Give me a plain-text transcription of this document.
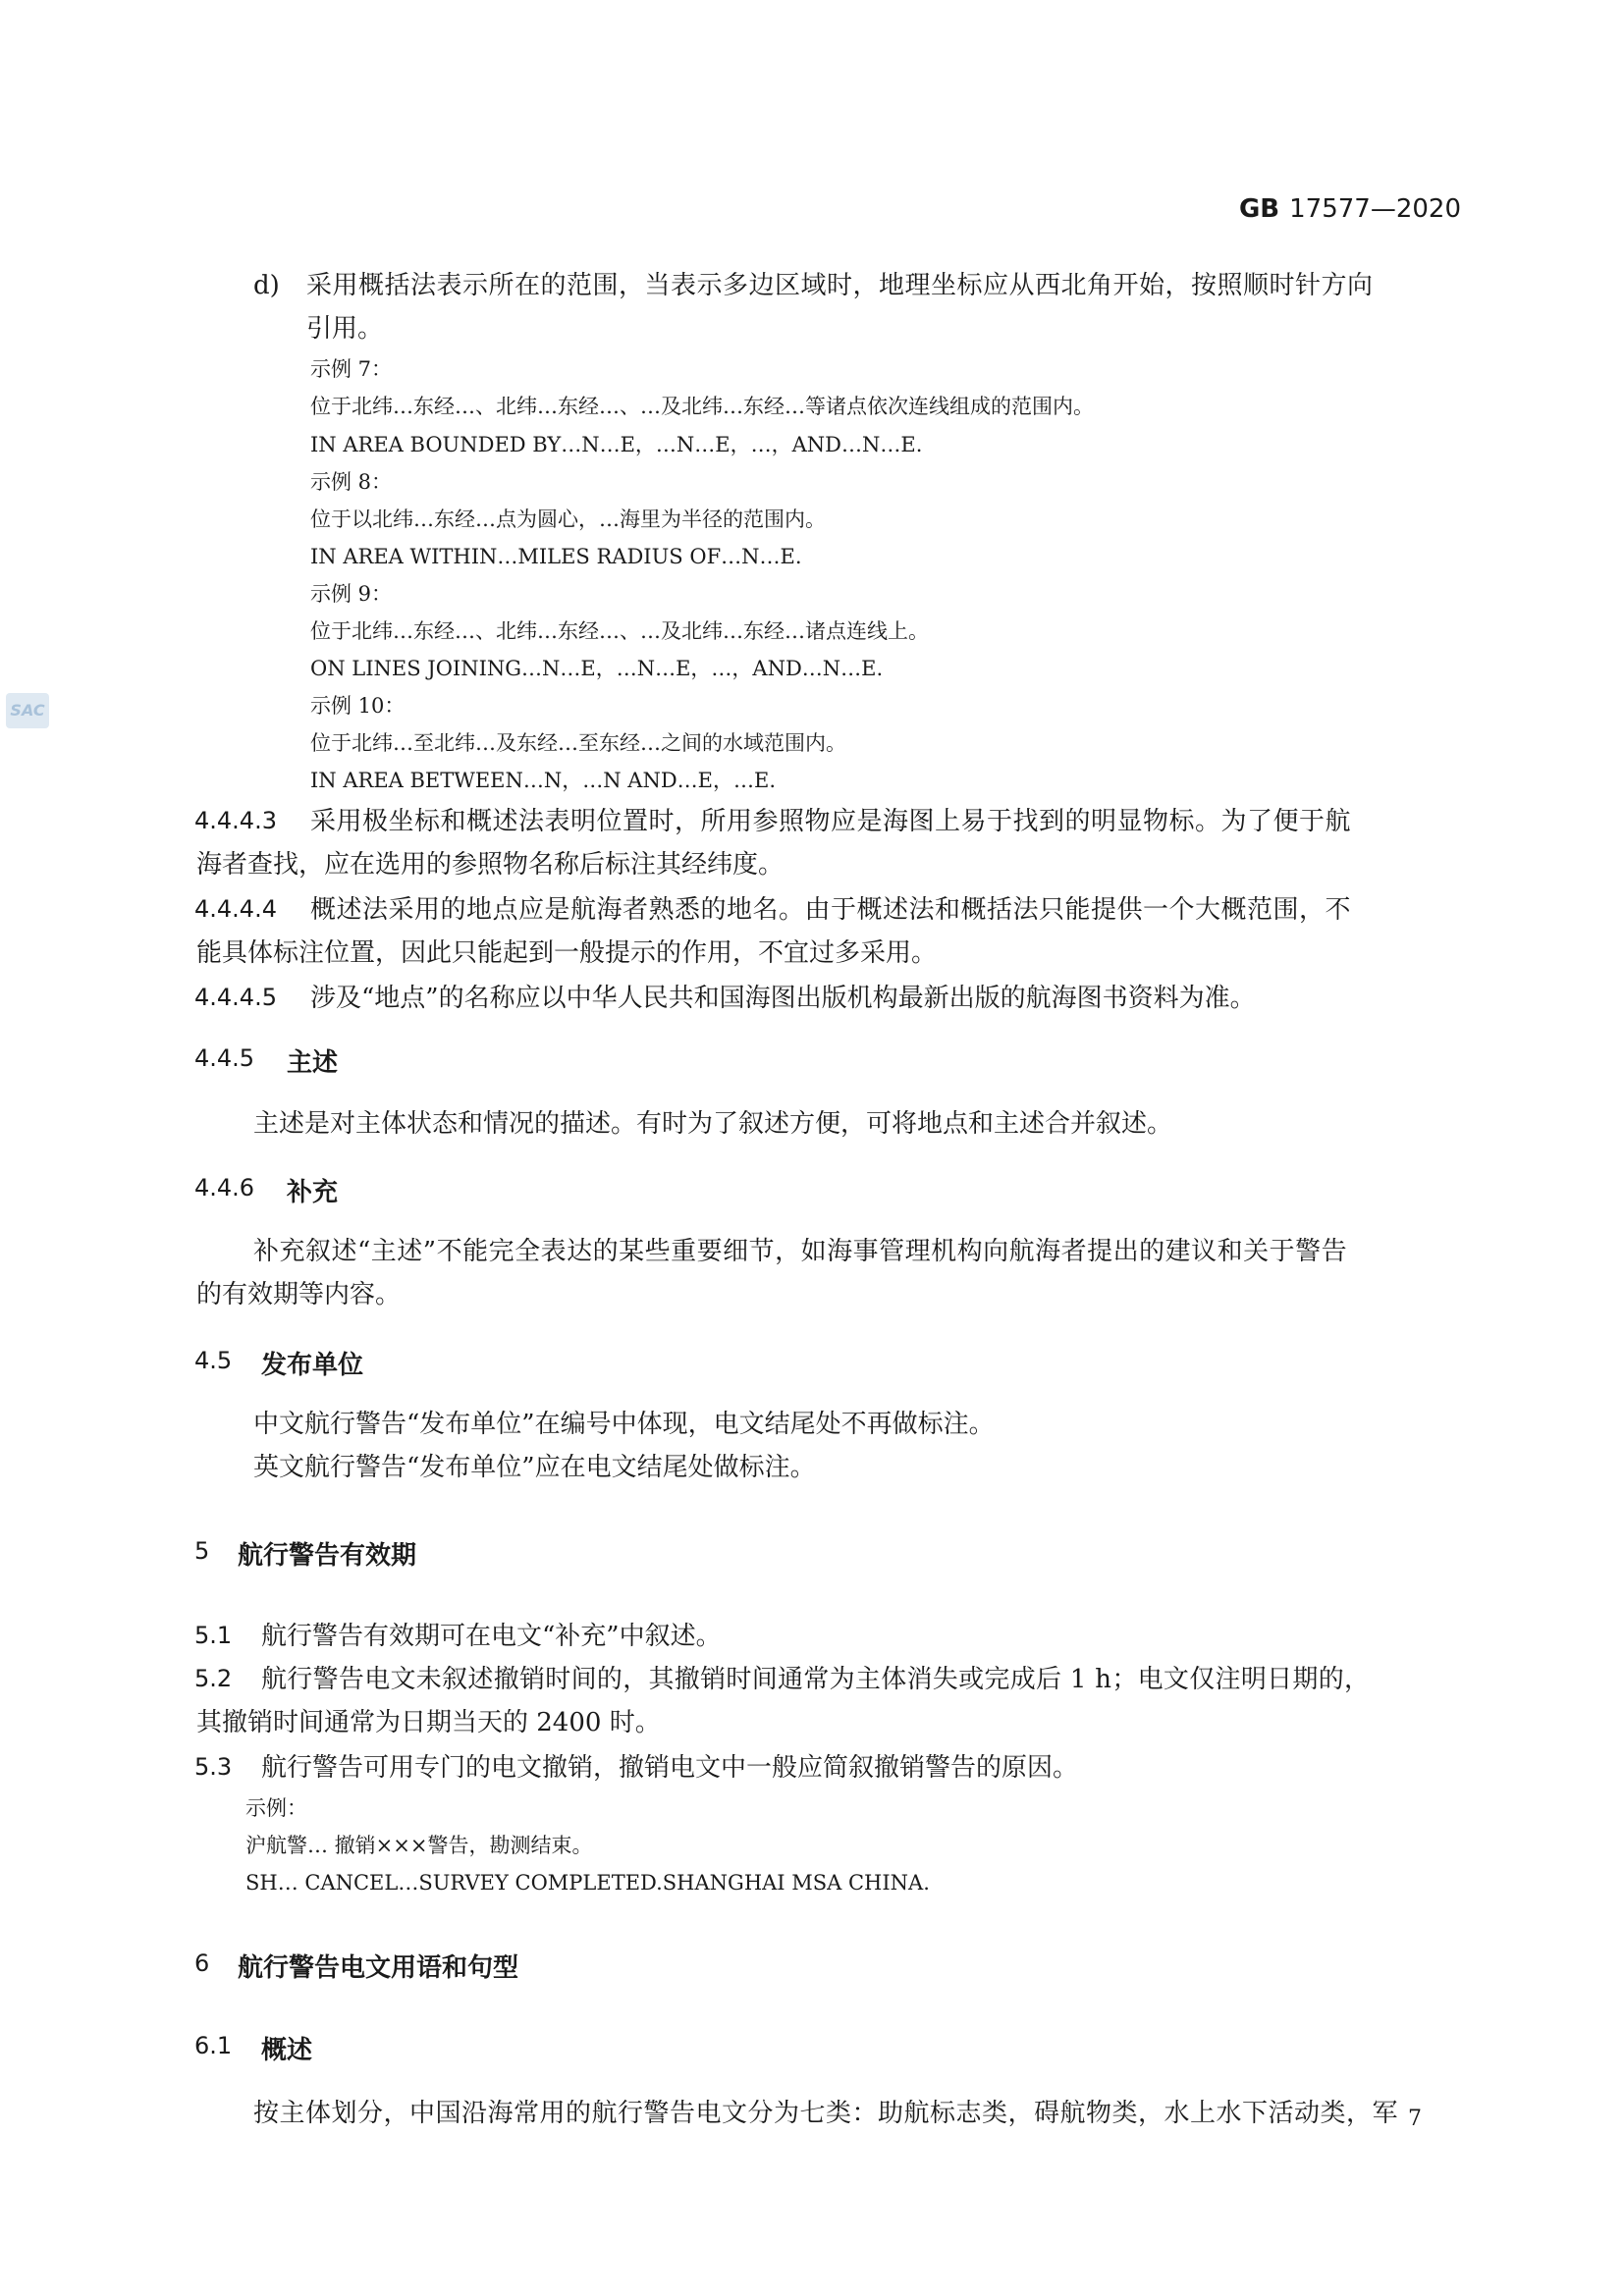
GB 17577—2020
SAC
d) 采用概括法表示所在的范围，当表示多边区域时，地理坐标应从西北角开始，按照顺时针方向
引用。
示例 7：
位于北纬…东经…、北纬…东经…、…及北纬…东经…等诸点依次连线组成的范围内。
IN AREA BOUNDED BY…N…E，…N…E，…，AND…N…E.
示例 8：
位于以北纬…东经…点为圆心，…海里为半径的范围内。
IN AREA WITHIN…MILES RADIUS OF…N…E.
示例 9：
位于北纬…东经…、北纬…东经…、…及北纬…东经…诸点连线上。
ON LINES JOINING…N…E，…N…E，…，AND…N…E.
示例 10：
位于北纬…至北纬…及东经…至东经…之间的水域范围内。
IN AREA BETWEEN…N，…N AND…E，…E.
4.4.4.3 采用极坐标和概述法表明位置时，所用参照物应是海图上易于找到的明显物标。为了便于航
海者查找，应在选用的参照物名称后标注其经纬度。
4.4.4.4 概述法采用的地点应是航海者熟悉的地名。由于概述法和概括法只能提供一个大概范围，不
能具体标注位置，因此只能起到一般提示的作用，不宜过多采用。
4.4.4.5 涉及“地点”的名称应以中华人民共和国海图出版机构最新出版的航海图书资料为准。
4.4.5 主述
主述是对主体状态和情况的描述。有时为了叙述方便，可将地点和主述合并叙述。
4.4.6 补充
补充叙述“主述”不能完全表达的某些重要细节，如海事管理机构向航海者提出的建议和关于警告
的有效期等内容。
4.5 发布单位
中文航行警告“发布单位”在编号中体现，电文结尾处不再做标注。
英文航行警告“发布单位”应在电文结尾处做标注。
5 航行警告有效期
5.1 航行警告有效期可在电文“补充”中叙述。
5.2 航行警告电文未叙述撤销时间的，其撤销时间通常为主体消失或完成后 1 h；电文仅注明日期的，
其撤销时间通常为日期当天的 2400 时。
5.3 航行警告可用专门的电文撤销，撤销电文中一般应简叙撤销警告的原因。
示例：
沪航警… 撤销×××警告，勘测结束。
SH… CANCEL…SURVEY COMPLETED.SHANGHAI MSA CHINA.
6 航行警告电文用语和句型
6.1 概述
按主体划分，中国沿海常用的航行警告电文分为七类：助航标志类，碍航物类，水上水下活动类，军 7
